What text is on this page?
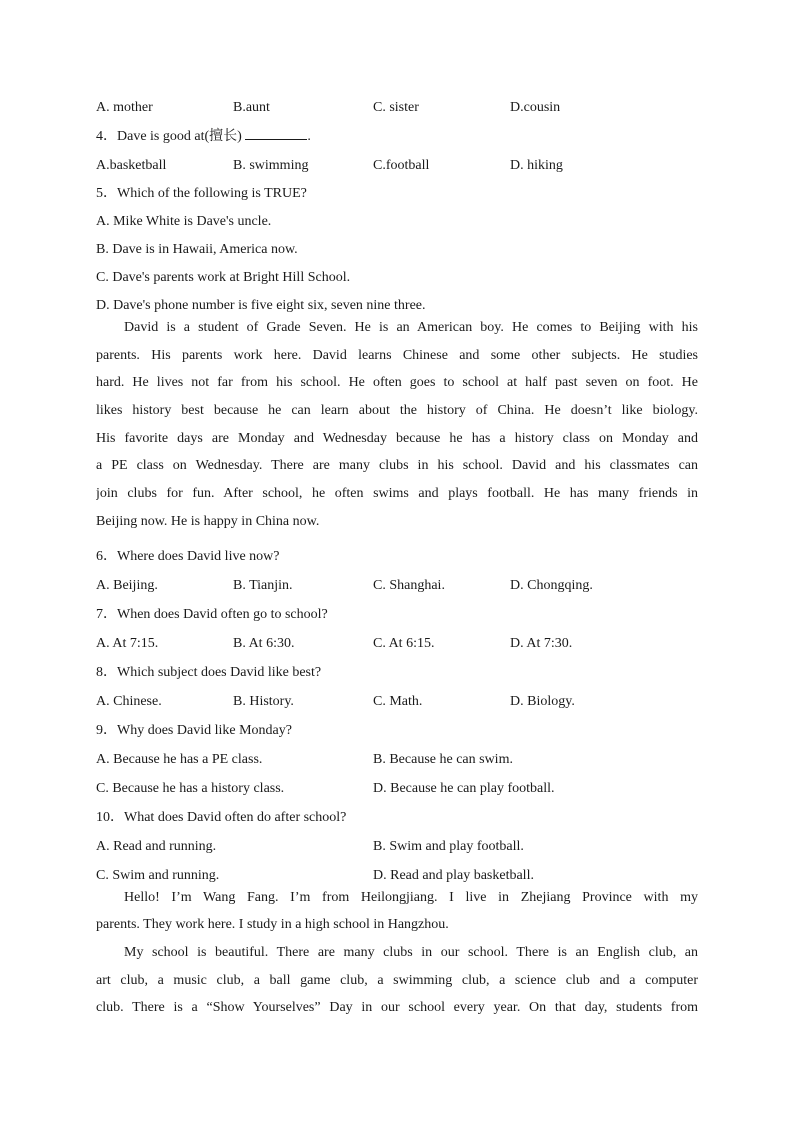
A. mother	B.aunt	C. sister	D.cousin
4．Dave is good at(擅长)	.
A.basketball	B. swimming	C.football	D. hiking
5．Which of the following is TRUE?
A. Mike White is Dave's uncle.
B. Dave is in Hawaii, America now.
C. Dave's parents work at Bright Hill School.
D. Dave's phone number is five eight six, seven nine three.
David is a student of Grade Seven. He is an American boy. He comes to Beijing with his
parents. His parents work here. David learns Chinese and some other subjects. He studies
hard. He lives not far from his school. He often goes to school at half past seven on foot. He
likes history best because he can learn about the history of China. He doesn’t like biology.
His favorite days are Monday and Wednesday because he has a history class on Monday and
a PE class on Wednesday. There are many clubs in his school. David and his classmates can
join clubs for fun. After school, he often swims and plays football. He has many friends in
Beijing now. He is happy in China now.
6．Where does David live now?
A. Beijing.	B. Tianjin.	C. Shanghai.	D. Chongqing.
7．When does David often go to school?
A. At 7:15.	B. At 6:30.	C. At 6:15.	D. At 7:30.
8．Which subject does David like best?
A. Chinese.	B. History.	C. Math.	D. Biology.
9．Why does David like Monday?
A. Because he has a PE class.	B. Because he can swim.
C. Because he has a history class.	D. Because he can play football.
10．What does David often do after school?
A. Read and running.	B. Swim and play football.
C. Swim and running.	D. Read and play basketball.
Hello! I’m Wang Fang. I’m from Heilongjiang. I live in Zhejiang Province with my
parents. They work here. I study in a high school in Hangzhou.
My school is beautiful. There are many clubs in our school. There is an English club, an
art club, a music club, a ball game club, a swimming club, a science club and a computer
club. There is a “Show Yourselves” Day in our school every year. On that day, students from
